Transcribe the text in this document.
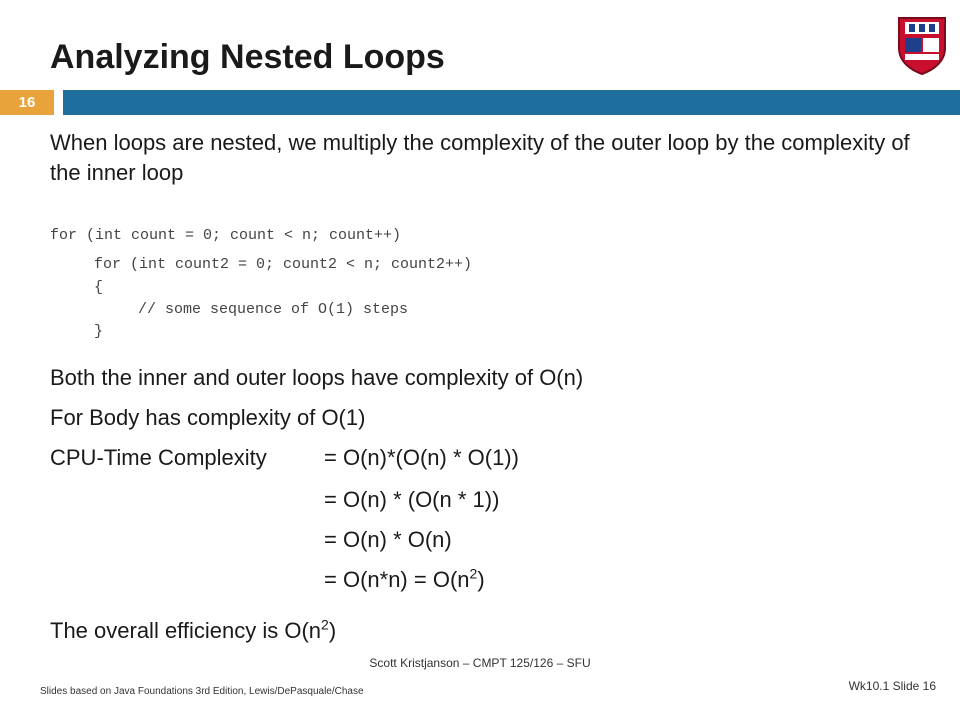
Analyzing Nested Loops
16
When loops are nested, we multiply the complexity of the outer loop by the complexity of the inner loop
for (int count = 0; count < n; count++)
for (int count2 = 0; count2 < n; count2++)
{
// some sequence of O(1) steps
}
Both the inner and outer loops have complexity of O(n)
For Body has complexity of O(1)
CPU-Time Complexity	= O(n)*(O(n) * O(1))
= O(n) * (O(n * 1))
= O(n) * O(n)
= $O(n*n) = O(n^2)$
The overall efficiency is $O(n^2)$
Scott Kristjanson – CMPT 125/126 – SFU
Slides based on Java Foundations 3rd Edition, Lewis/DePasquale/Chase	Wk10.1 Slide 16
